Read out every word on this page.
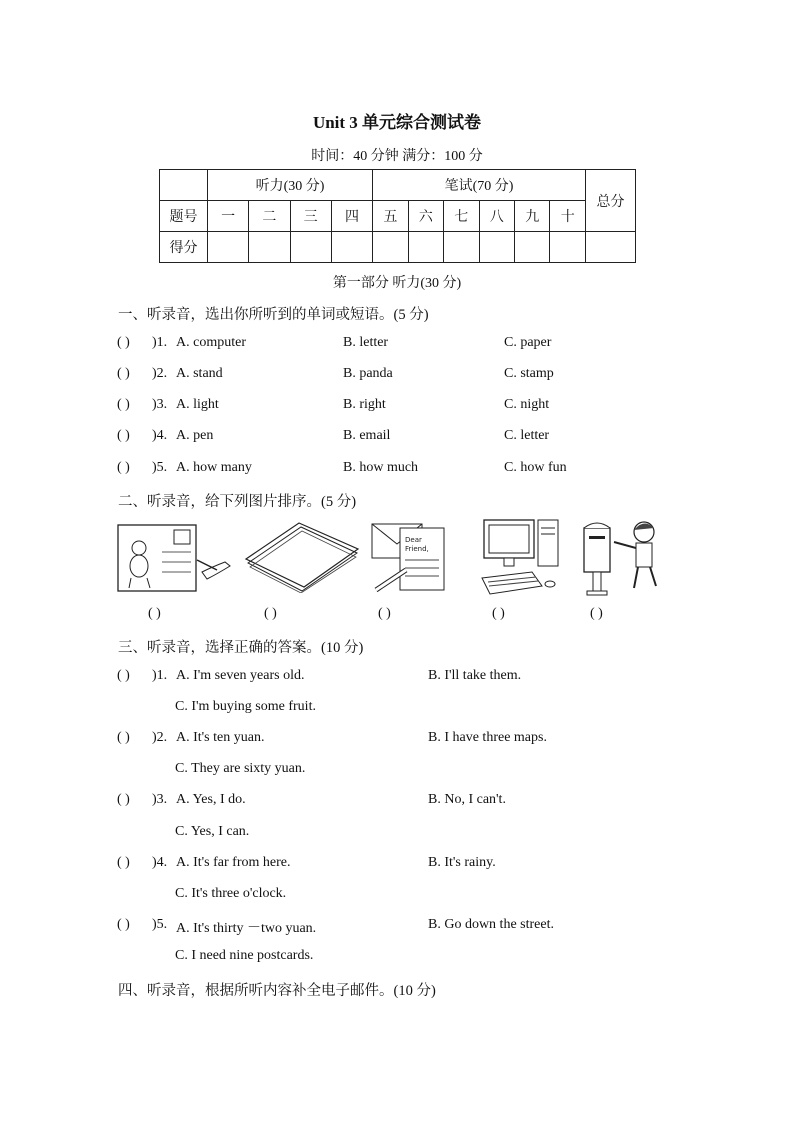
Unit 3 单元综合测试卷
时间：40 分钟 满分：100 分
	听力(30 分)				笔试(70 分)						总分
题号	一	二	三	四	五	六	七	八	九	十	
得分											
第一部分 听力(30 分)
一、听录音，选出你所听到的单词或短语。(5 分)
( ) )1. A. computer	B. letter	C. paper
( ) )2. A. stand	B. panda	C. stamp
( ) )3. A. light	B. right	C. night
( ) )4. A. pen	B. email	C. letter
( ) )5. A. how many	B. how much	C. how fun
二、听录音，给下列图片排序。(5 分)
Dear
Friend,
( )	( )	( )	( )	( )
三、听录音，选择正确的答案。(10 分)
( ) )1. A. I'm seven years old.	B. I'll take them.
C. I'm buying some fruit.
( ) )2. A. It's ten yuan.	B. I have three maps.
C. They are sixty yuan.
( ) )3. A. Yes, I do.	B. No, I can't.
C. Yes, I can.
( ) )4. A. It's far from here.	B. It's rainy.
C. It's three o'clock.
( ) )5. A. It's thirty －two yuan.	B. Go down the street.
C. I need nine postcards.
四、听录音，根据所听内容补全电子邮件。(10 分)
